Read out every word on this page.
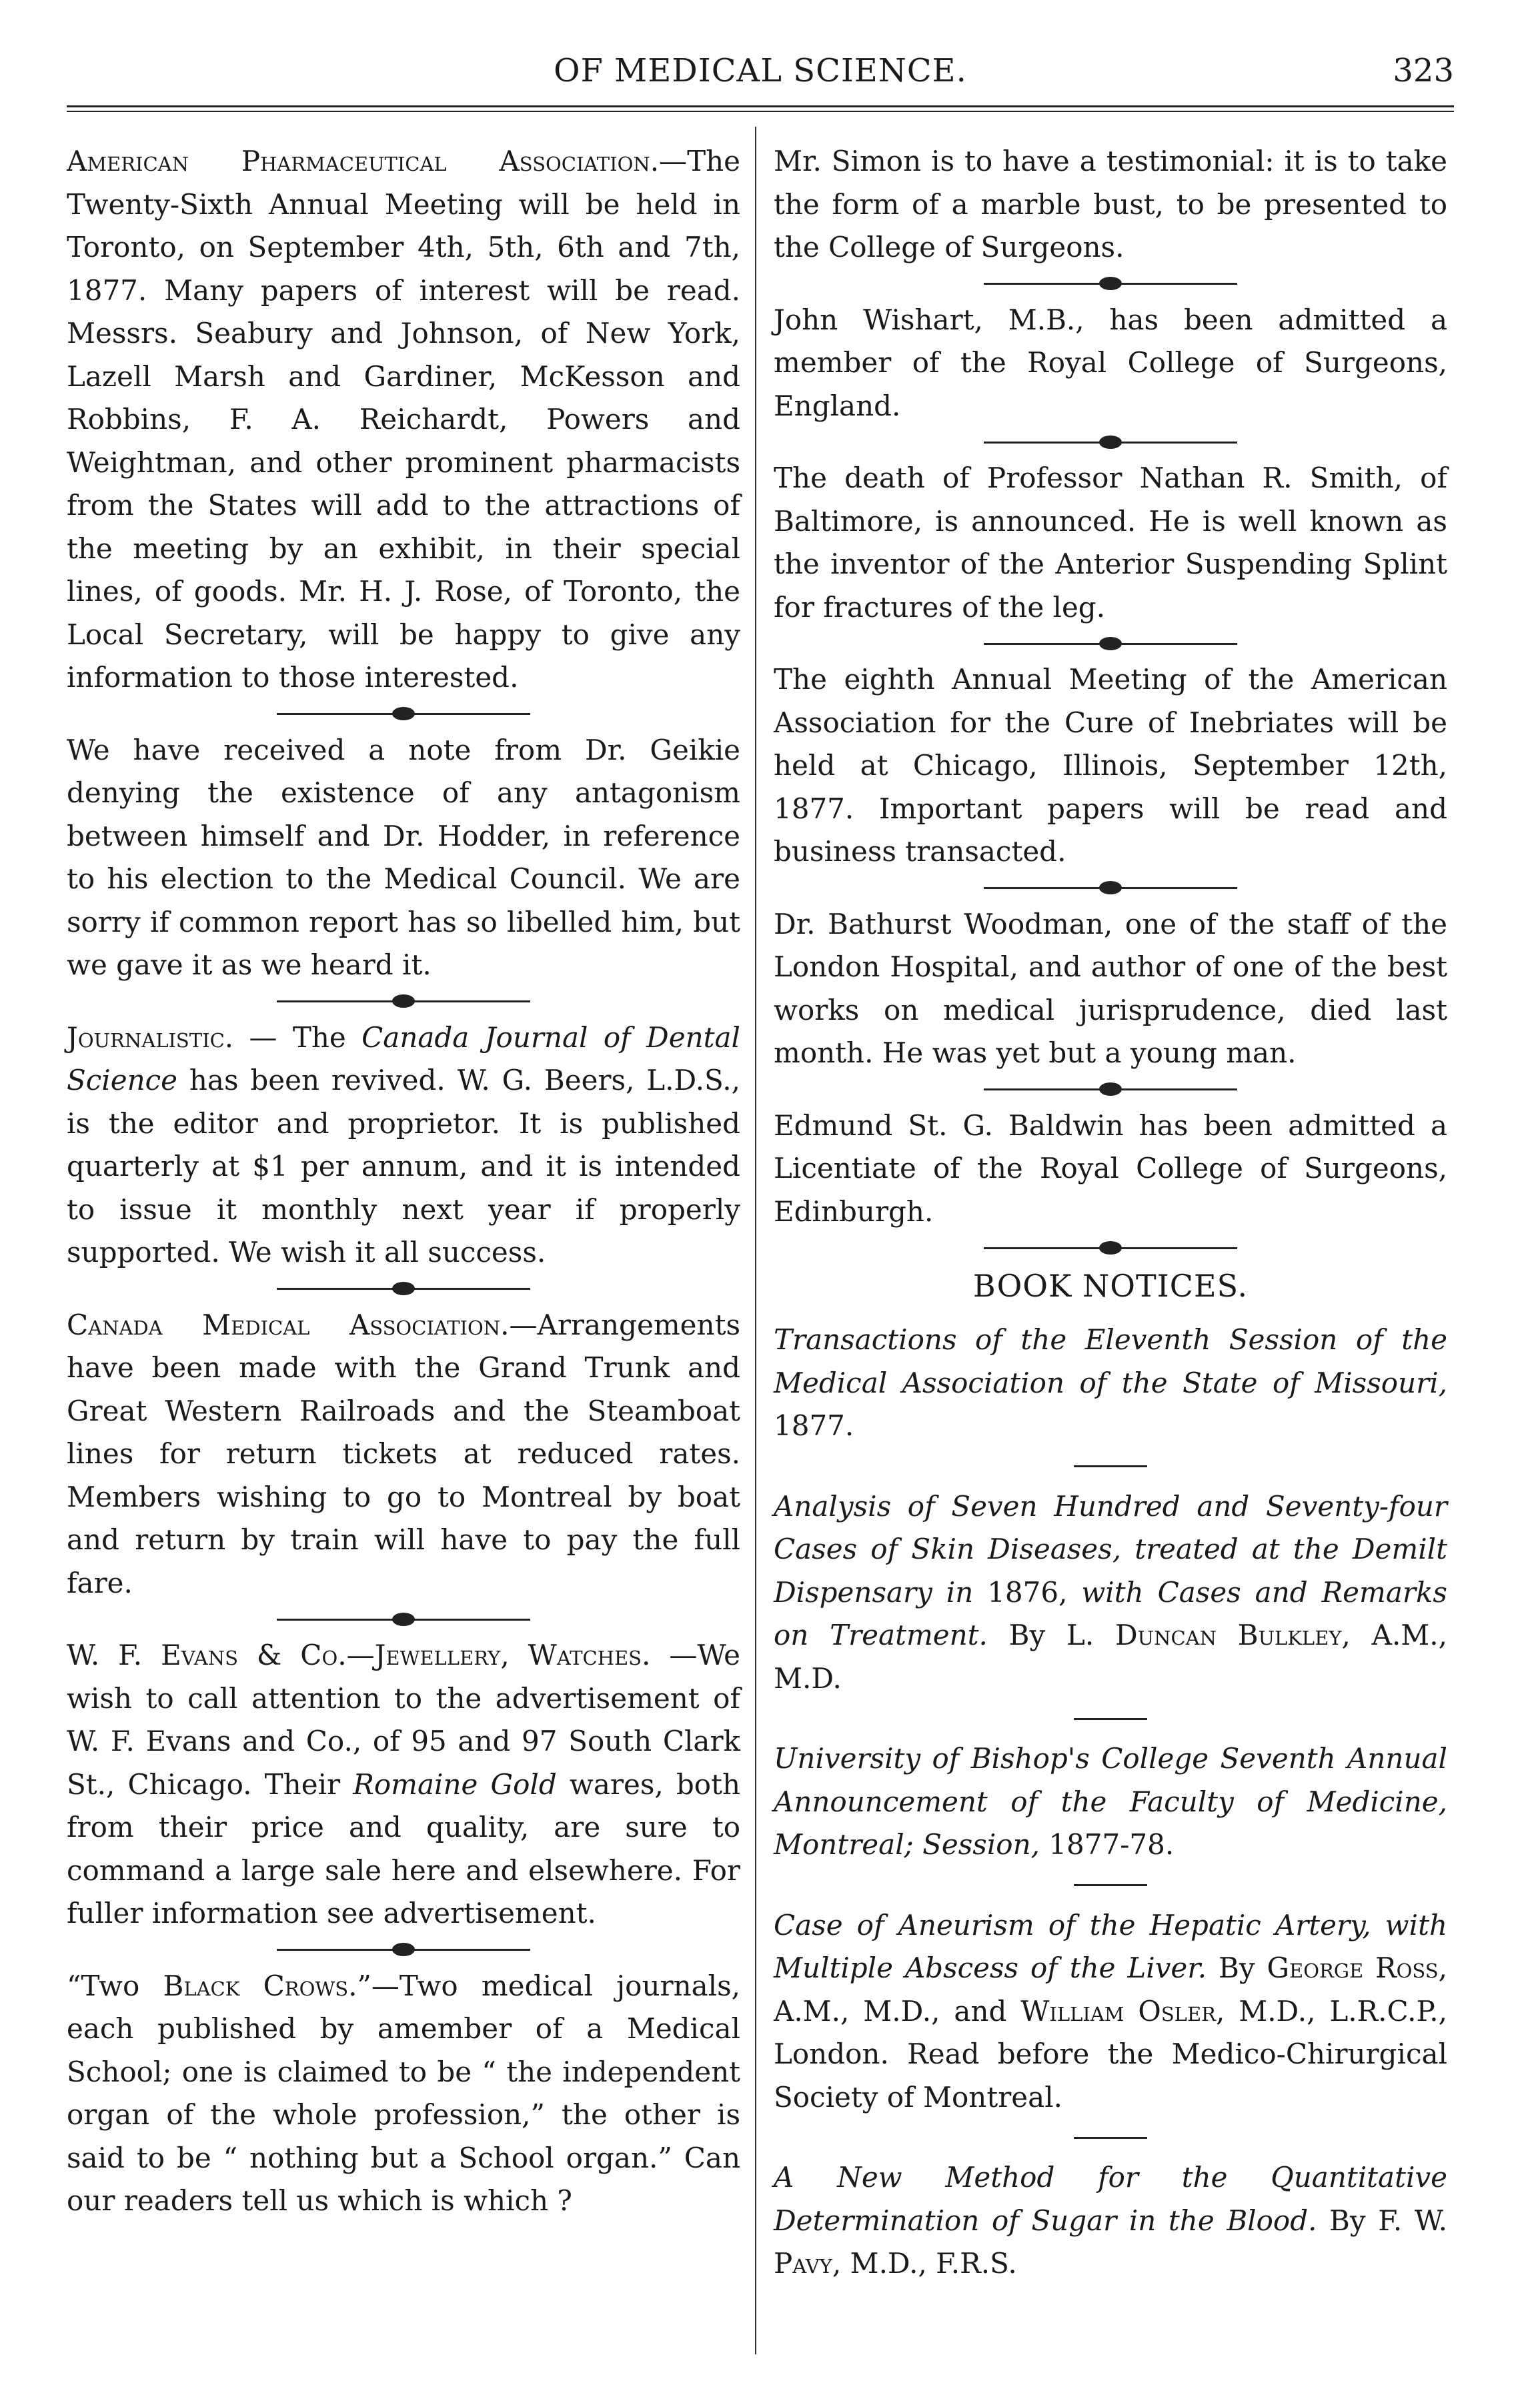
OF MEDICAL SCIENCE.	323

American Pharmaceutical Association.—The Twenty-Sixth Annual Meeting will be held in Toronto, on September 4th, 5th, 6th and 7th, 1877. Many papers of interest will be read. Messrs. Seabury and Johnson, of New York, Lazell Marsh and Gardiner, McKesson and Robbins, F. A. Reichardt, Powers and Weightman, and other prominent pharmacists from the States will add to the attractions of the meeting by an exhibit, in their special lines, of goods. Mr. H. J. Rose, of Toronto, the Local Secretary, will be happy to give any information to those interested.

We have received a note from Dr. Geikie denying the existence of any antagonism between himself and Dr. Hodder, in reference to his election to the Medical Council. We are sorry if common report has so libelled him, but we gave it as we heard it.

Journalistic. — The Canada Journal of Dental Science has been revived. W. G. Beers, L.D.S., is the editor and proprietor. It is published quarterly at $1 per annum, and it is intended to issue it monthly next year if properly supported. We wish it all success.

Canada Medical Association.—Arrangements have been made with the Grand Trunk and Great Western Railroads and the Steamboat lines for return tickets at reduced rates. Members wishing to go to Montreal by boat and return by train will have to pay the full fare.

W. F. Evans & Co.—Jewellery, Watches. —We wish to call attention to the advertisement of W. F. Evans and Co., of 95 and 97 South Clark St., Chicago. Their Romaine Gold wares, both from their price and quality, are sure to command a large sale here and elsewhere. For fuller information see advertisement.

“Two Black Crows.”—Two medical journals, each published by amember of a Medical School; one is claimed to be “ the independent organ of the whole profession,” the other is said to be “ nothing but a School organ.” Can our readers tell us which is which ?

Mr. Simon is to have a testimonial: it is to take the form of a marble bust, to be presented to the College of Surgeons.

John Wishart, M.B., has been admitted a member of the Royal College of Surgeons, England.

The death of Professor Nathan R. Smith, of Baltimore, is announced. He is well known as the inventor of the Anterior Suspending Splint for fractures of the leg.

The eighth Annual Meeting of the American Association for the Cure of Inebriates will be held at Chicago, Illinois, September 12th, 1877. Important papers will be read and business transacted.

Dr. Bathurst Woodman, one of the staff of the London Hospital, and author of one of the best works on medical jurisprudence, died last month. He was yet but a young man.

Edmund St. G. Baldwin has been admitted a Licentiate of the Royal College of Surgeons, Edinburgh.

BOOK NOTICES.

Transactions of the Eleventh Session of the Medical Association of the State of Missouri, 1877.

Analysis of Seven Hundred and Seventy-four Cases of Skin Diseases, treated at the Demilt Dispensary in 1876, with Cases and Remarks on Treatment. By L. Duncan Bulkley, A.M., M.D.

University of Bishop's College Seventh Annual Announcement of the Faculty of Medicine, Montreal; Session, 1877-78.

Case of Aneurism of the Hepatic Artery, with Multiple Abscess of the Liver. By George Ross, A.M., M.D., and William Osler, M.D., L.R.C.P., London. Read before the Medico-Chirurgical Society of Montreal.

A New Method for the Quantitative Determination of Sugar in the Blood. By F. W. Pavy, M.D., F.R.S.
